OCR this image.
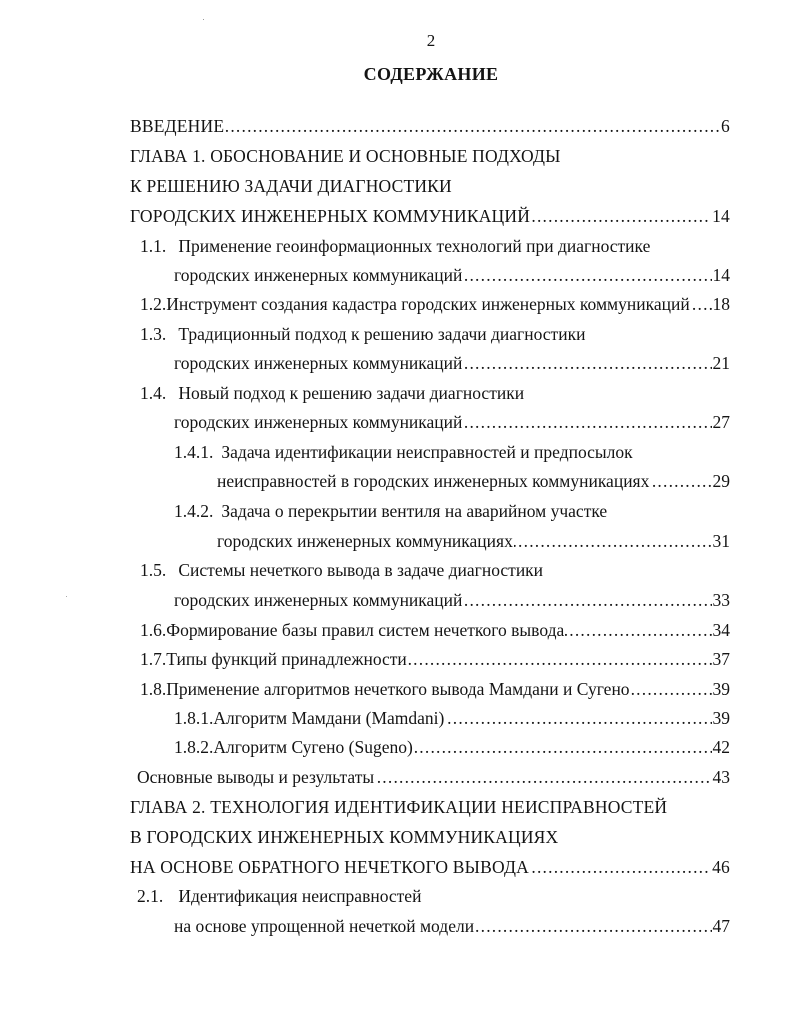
2
СОДЕРЖАНИЕ
ВВЕДЕНИЕ	6
.....
ГЛАВА 1. ОБОСНОВАНИЕ И ОСНОВНЫЕ ПОДХОДЫ
К РЕШЕНИЮ ЗАДАЧИ ДИАГНОСТИКИ
ГОРОДСКИХ ИНЖЕНЕРНЫХ КОММУНИКАЦИЙ	14
.....
1.1. Применение геоинформационных технологий при диагностике
городских инженерных коммуникаций	14
.....
1.2.Инструмент создания кадастра городских инженерных коммуникаций 18
.....
1.3. Традиционный подход к решению задачи диагностики
городских инженерных коммуникаций	21
.....
1.4. Новый подход к решению задачи диагностики
городских инженерных коммуникаций	27
.....
1.4.1. Задача идентификации неисправностей и предпосылок
неисправностей в городских инженерных коммуникациях	29
.....
1.4.2. Задача о перекрытии вентиля на аварийном участке
городских инженерных коммуникациях	31
.....
1.5. Системы нечеткого вывода в задаче диагностики
городских инженерных коммуникаций	33
.....
1.6.Формирование базы правил систем нечеткого вывода	34
.....
1.7.Типы функций принадлежности	37
.....
1.8.Применение алгоритмов нечеткого вывода Мамдани и Сугено	39
.....
1.8.1.Алгоритм Мамдани (Mamdani)	39
.....
1.8.2.Алгоритм Сугено (Sugeno)	42
.....
Основные выводы и результаты	43
.....
ГЛАВА 2. ТЕХНОЛОГИЯ ИДЕНТИФИКАЦИИ НЕИСПРАВНОСТЕЙ
В ГОРОДСКИХ ИНЖЕНЕРНЫХ КОММУНИКАЦИЯХ
НА ОСНОВЕ ОБРАТНОГО НЕЧЕТКОГО ВЫВОДА	46
.....
2.1. Идентификация неисправностей
на основе упрощенной нечеткой модели	47
.....
